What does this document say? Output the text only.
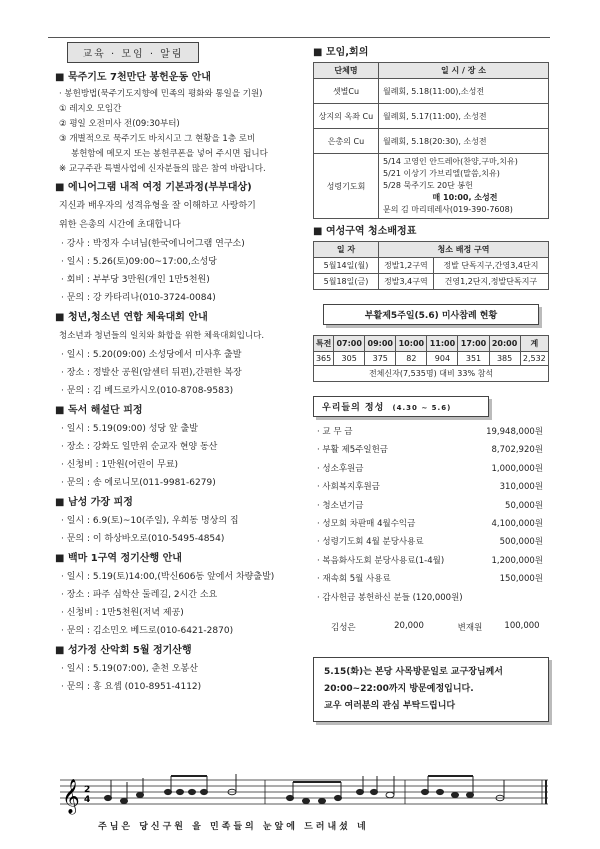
교육 · 모임 · 알림
■ 묵주기도 7천만단 봉헌운동 안내
· 봉헌방법(묵주기도지향에 민족의 평화와 통일을 기원)
① 레지오 모임간
② 평일 오전미사 전(09:30부터)
③ 개별적으로 묵주기도 바치시고 그 현황을 1층 로비
봉헌함에 메모지 또는 봉헌쿠폰을 넣어 주시면 됩니다
※ 교구주관 특별사업에 신자분들의 많은 참여 바랍니다.
■ 에니어그램 내적 여정 기본과정(부부대상)
지신과 배우자의 성격유형을 잘 이해하고 사랑하기
위한 은총의 시간에 초대합니다
· 강사 : 박정자 수녀님(한국에니어그램 연구소)
· 일시 : 5.26(토)09:00~17:00,소성당
· 회비 : 부부당 3만원(개인 1만5천원)
· 문의 : 강 카타리나(010-3724-0084)
■ 청년,청소년 연합 체육대회 안내
청소년과 청년들의 일치와 화합을 위한 체육대회입니다.
· 일시 : 5.20(09:00) 소성당에서 미사후 출발
· 장소 : 정발산 공원(암센터 뒤편),간편한 복장
· 문의 : 김 베드로카시오(010-8708-9583)
■ 독서 해설단 피정
· 일시 : 5.19(09:00) 성당 앞 출발
· 장소 : 강화도 일만위 순교자 현양 동산
· 신청비 : 1만원(어린이 무료)
· 문의 : 송 에로니모(011-9981-6279)
■ 남성 가장 피정
· 일시 : 6.9(토)~10(주일), 우희동 명상의 집
· 문의 : 이 하상바오로(010-5495-4854)
■ 백마 1구역 정기산행 안내
· 일시 : 5.19(토)14:00,(박신606동 앞에서 차량출발)
· 장소 : 파주 심학산 둘레길, 2시간 소요
· 신청비 : 1만5천원(저녁 제공)
· 문의 : 김소민오 베드로(010-6421-2870)
■ 성가정 산악회 5월 정기산행
· 일시 : 5.19(07:00), 춘천 오봉산
· 문의 : 홍 요셉 (010-8951-4112)
■ 모임,회의
단체명	일 시 / 장 소
셋별Cu	월례회, 5.18(11:00),소성전
상지의 옥좌 Cu	월례회, 5.17(11:00), 소성전
은총의 Cu	월례회, 5.18(20:30), 소성전
성령기도회	5/14 고영인 안드레아(찬양,구마,치유)
5/21 이상기 가브리엘(말씀,치유)
5/28 묵주기도 20단 봉헌
매 10:00, 소성전
문의 김 마리데레사(019-390-7608)
■ 여성구역 청소배정표
일 자	청소 배정 구역	
5월14일(월)	정발1,2구역	정발 단독지구,간영3,4단지
5월18일(금)	정발3,4구역	건영1,2단지,정발단독지구
부활제5주일(5.6) 미사참례 현황
특전	07:00	09:00	10:00	11:00	17:00	20:00	계
365	305	375	82	904	351	385	2,532
전체신자(7,535명) 대비 33% 참석							
우리들의 정성 (4.30 ~ 5.6)
· 교 무 금	19,948,000원
· 부활 제5주일헌금	8,702,920원
· 성소후원금	1,000,000원
· 사회복지후원금	310,000원
· 청소년기금	50,000원
· 성모회 차판매 4월수익금	4,100,000원
· 성령기도회 4월 분당사용료	500,000원
· 복음화사도회 분당사용료(1-4월)	1,200,000원
· 재속회 5월 사용료	150,000원
· 감사헌금 봉헌하신 분들 (120,000원)
김성은	20,000	변재원	100,000
5.15(화)는 본당 사목방문일로 교구장님께서
20:00~22:00까지 방문예정입니다.
교우 여러분의 관심 부탁드립니다
𝄞 2
4
주님은 당신구원 을 민족들의 눈앞에 드러내셨 네
